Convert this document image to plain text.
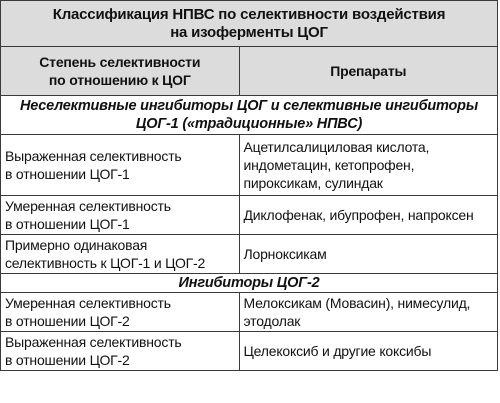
Классификация НПВС по селективности воздействия
на изоферменты ЦОГ	

Степень селективности
по отношению к ЦОГ	Препараты

Неселективные ингибиторы ЦОГ и селективные ингибиторы
ЦОГ-1 («традиционные» НПВС)	

Выраженная селективность
в отношении ЦОГ-1	Ацетилсалициловая кислота,
индометацин, кетопрофен,
пироксикам, сулиндак

Умеренная селективность
в отношении ЦОГ-1	Диклофенак, ибупрофен, напроксен

Примерно одинаковая
селективность к ЦОГ-1 и ЦОГ-2	Лорноксикам
Ингибиторы ЦОГ-2	

Умеренная селективность
в отношении ЦОГ-2	Мелоксикам (Мовасин), нимесулид,
этодолак

Выраженная селективность
в отношении ЦОГ-2	Целекоксиб и другие коксибы
